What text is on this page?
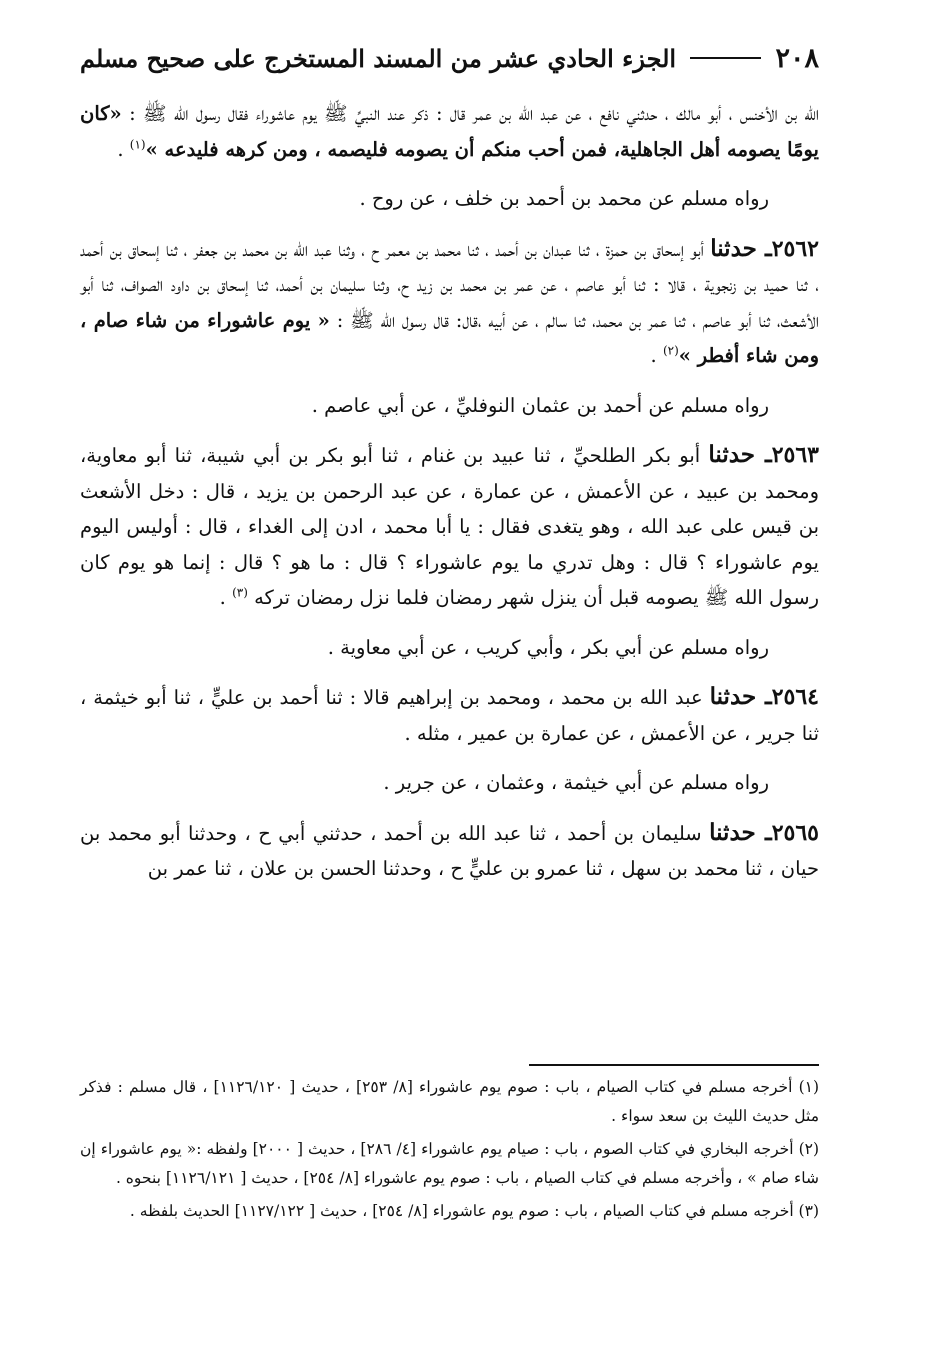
٢٠٨
الجزء الحادي عشر من المسند المستخرج على صحيح مسلم

الله بن الأخنس ، أبو مالك ، حدثني نافع ، عن عبد الله بن عمر قال : ذكر عند النبيِّ ﷺ يوم عاشوراء فقال رسول الله ﷺ : «كان يومًا يصومه أهل الجاهلية، فمن أحب منكم أن يصومه فليصمه ، ومن كرهه فليدعه »$^{(١)}$ .

رواه مسلم عن محمد بن أحمد بن خلف ، عن روح .

٢٥٦٢ـ حدثنا أبو إسحاق بن حمزة ، ثنا عبدان بن أحمد ، ثنا محمد بن معمر ح ، وثنا عبد الله بن محمد بن جعفر ، ثنا إسحاق بن أحمد ، ثنا حميد بن زنجوية ، قالا : ثنا أبو عاصم ، عن عمر بن محمد بن زيد ح، وثنا سليمان بن أحمد، ثنا إسحاق بن داود الصواف، ثنا أبو الأشعث، ثنا أبو عاصم ، ثنا عمر بن محمد، ثنا سالم ، عن أبيه ،قال: قال رسول الله ﷺ : « يوم عاشوراء من شاء صام ، ومن شاء أفطر »$^{(٢)}$ .

رواه مسلم عن أحمد بن عثمان النوفليِّ ، عن أبي عاصم .

٢٥٦٣ـ حدثنا أبو بكر الطلحيِّ ، ثنا عبيد بن غنام ، ثنا أبو بكر بن أبي شيبة، ثنا أبو معاوية، ومحمد بن عبيد ، عن الأعمش ، عن عمارة ، عن عبد الرحمن بن يزيد ، قال : دخل الأشعث بن قيس على عبد الله ، وهو يتغدى فقال : يا أبا محمد ، ادن إلى الغداء ، قال : أوليس اليوم يوم عاشوراء ؟ قال : وهل تدري ما يوم عاشوراء ؟ قال : ما هو ؟ قال : إنما هو يوم كان رسول الله ﷺ يصومه قبل أن ينزل شهر رمضان فلما نزل رمضان تركه $^{(٣)}$ .

رواه مسلم عن أبي بكر ، وأبي كريب ، عن أبي معاوية .

٢٥٦٤ـ حدثنا عبد الله بن محمد ، ومحمد بن إبراهيم قالا : ثنا أحمد بن عليٍّ ، ثنا أبو خيثمة ، ثنا جرير ، عن الأعمش ، عن عمارة بن عمير ، مثله .

رواه مسلم عن أبي خيثمة ، وعثمان ، عن جرير .

٢٥٦٥ـ حدثنا سليمان بن أحمد ، ثنا عبد الله بن أحمد ، حدثني أبي ح ، وحدثنا أبو محمد بن حيان ، ثنا محمد بن سهل ، ثنا عمرو بن عليٍّ ح ، وحدثنا الحسن بن علان ، ثنا عمر بن

(١) أخرجه مسلم في كتاب الصيام ، باب : صوم يوم عاشوراء [٨/ ٢٥٣] ، حديث [ ١١٢٦/١٢٠] ، قال مسلم : فذكر مثل حديث الليث بن سعد سواء .

(٢) أخرجه البخاري في كتاب الصوم ، باب : صيام يوم عاشوراء [٤/ ٢٨٦] ، حديث [ ٢٠٠٠] ولفظه :« يوم عاشوراء إن شاء صام » ، وأخرجه مسلم في كتاب الصيام ، باب : صوم يوم عاشوراء [٨/ ٢٥٤] ، حديث [ ١١٢٦/١٢١] بنحوه .

(٣) أخرجه مسلم في كتاب الصيام ، باب : صوم يوم عاشوراء [٨/ ٢٥٤] ، حديث [ ١١٢٧/١٢٢] الحديث بلفظه .
